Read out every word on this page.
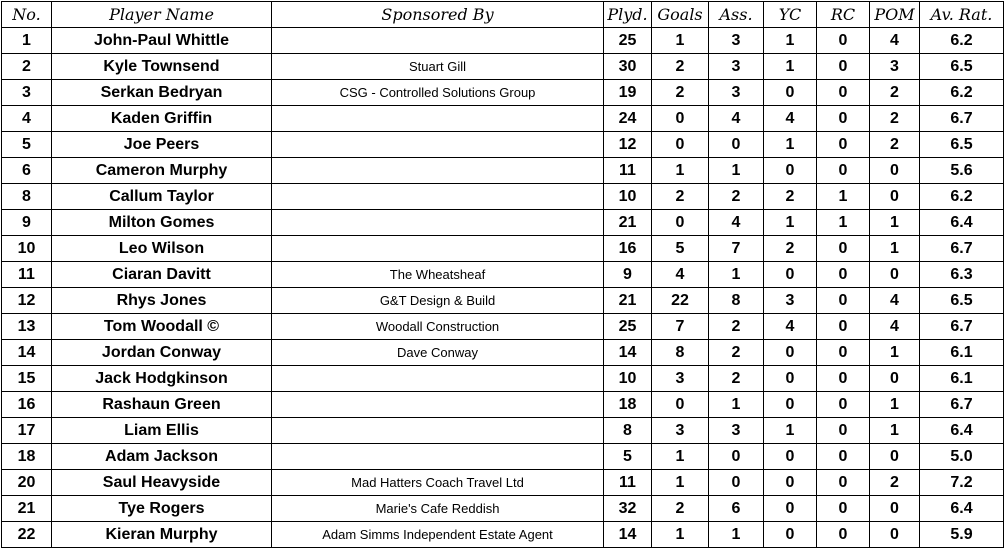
No.	Player Name	Sponsored By	Plyd.	Goals	Ass.	YC	RC	POM	Av. Rat.
1	John-Paul Whittle		25	1	3	1	0	4	6.2
2	Kyle Townsend	Stuart Gill	30	2	3	1	0	3	6.5
3	Serkan Bedryan	CSG - Controlled Solutions Group	19	2	3	0	0	2	6.2
4	Kaden Griffin		24	0	4	4	0	2	6.7
5	Joe Peers		12	0	0	1	0	2	6.5
6	Cameron Murphy		11	1	1	0	0	0	5.6
8	Callum Taylor		10	2	2	2	1	0	6.2
9	Milton Gomes		21	0	4	1	1	1	6.4
10	Leo Wilson		16	5	7	2	0	1	6.7
11	Ciaran Davitt	The Wheatsheaf	9	4	1	0	0	0	6.3
12	Rhys Jones	G&T Design & Build	21	22	8	3	0	4	6.5
13	Tom Woodall ©	Woodall Construction	25	7	2	4	0	4	6.7
14	Jordan Conway	Dave Conway	14	8	2	0	0	1	6.1
15	Jack Hodgkinson		10	3	2	0	0	0	6.1
16	Rashaun Green		18	0	1	0	0	1	6.7
17	Liam Ellis		8	3	3	1	0	1	6.4
18	Adam Jackson		5	1	0	0	0	0	5.0
20	Saul Heavyside	Mad Hatters Coach Travel Ltd	11	1	0	0	0	2	7.2
21	Tye Rogers	Marie's Cafe Reddish	32	2	6	0	0	0	6.4
22	Kieran Murphy	Adam Simms Independent Estate Agent	14	1	1	0	0	0	5.9
